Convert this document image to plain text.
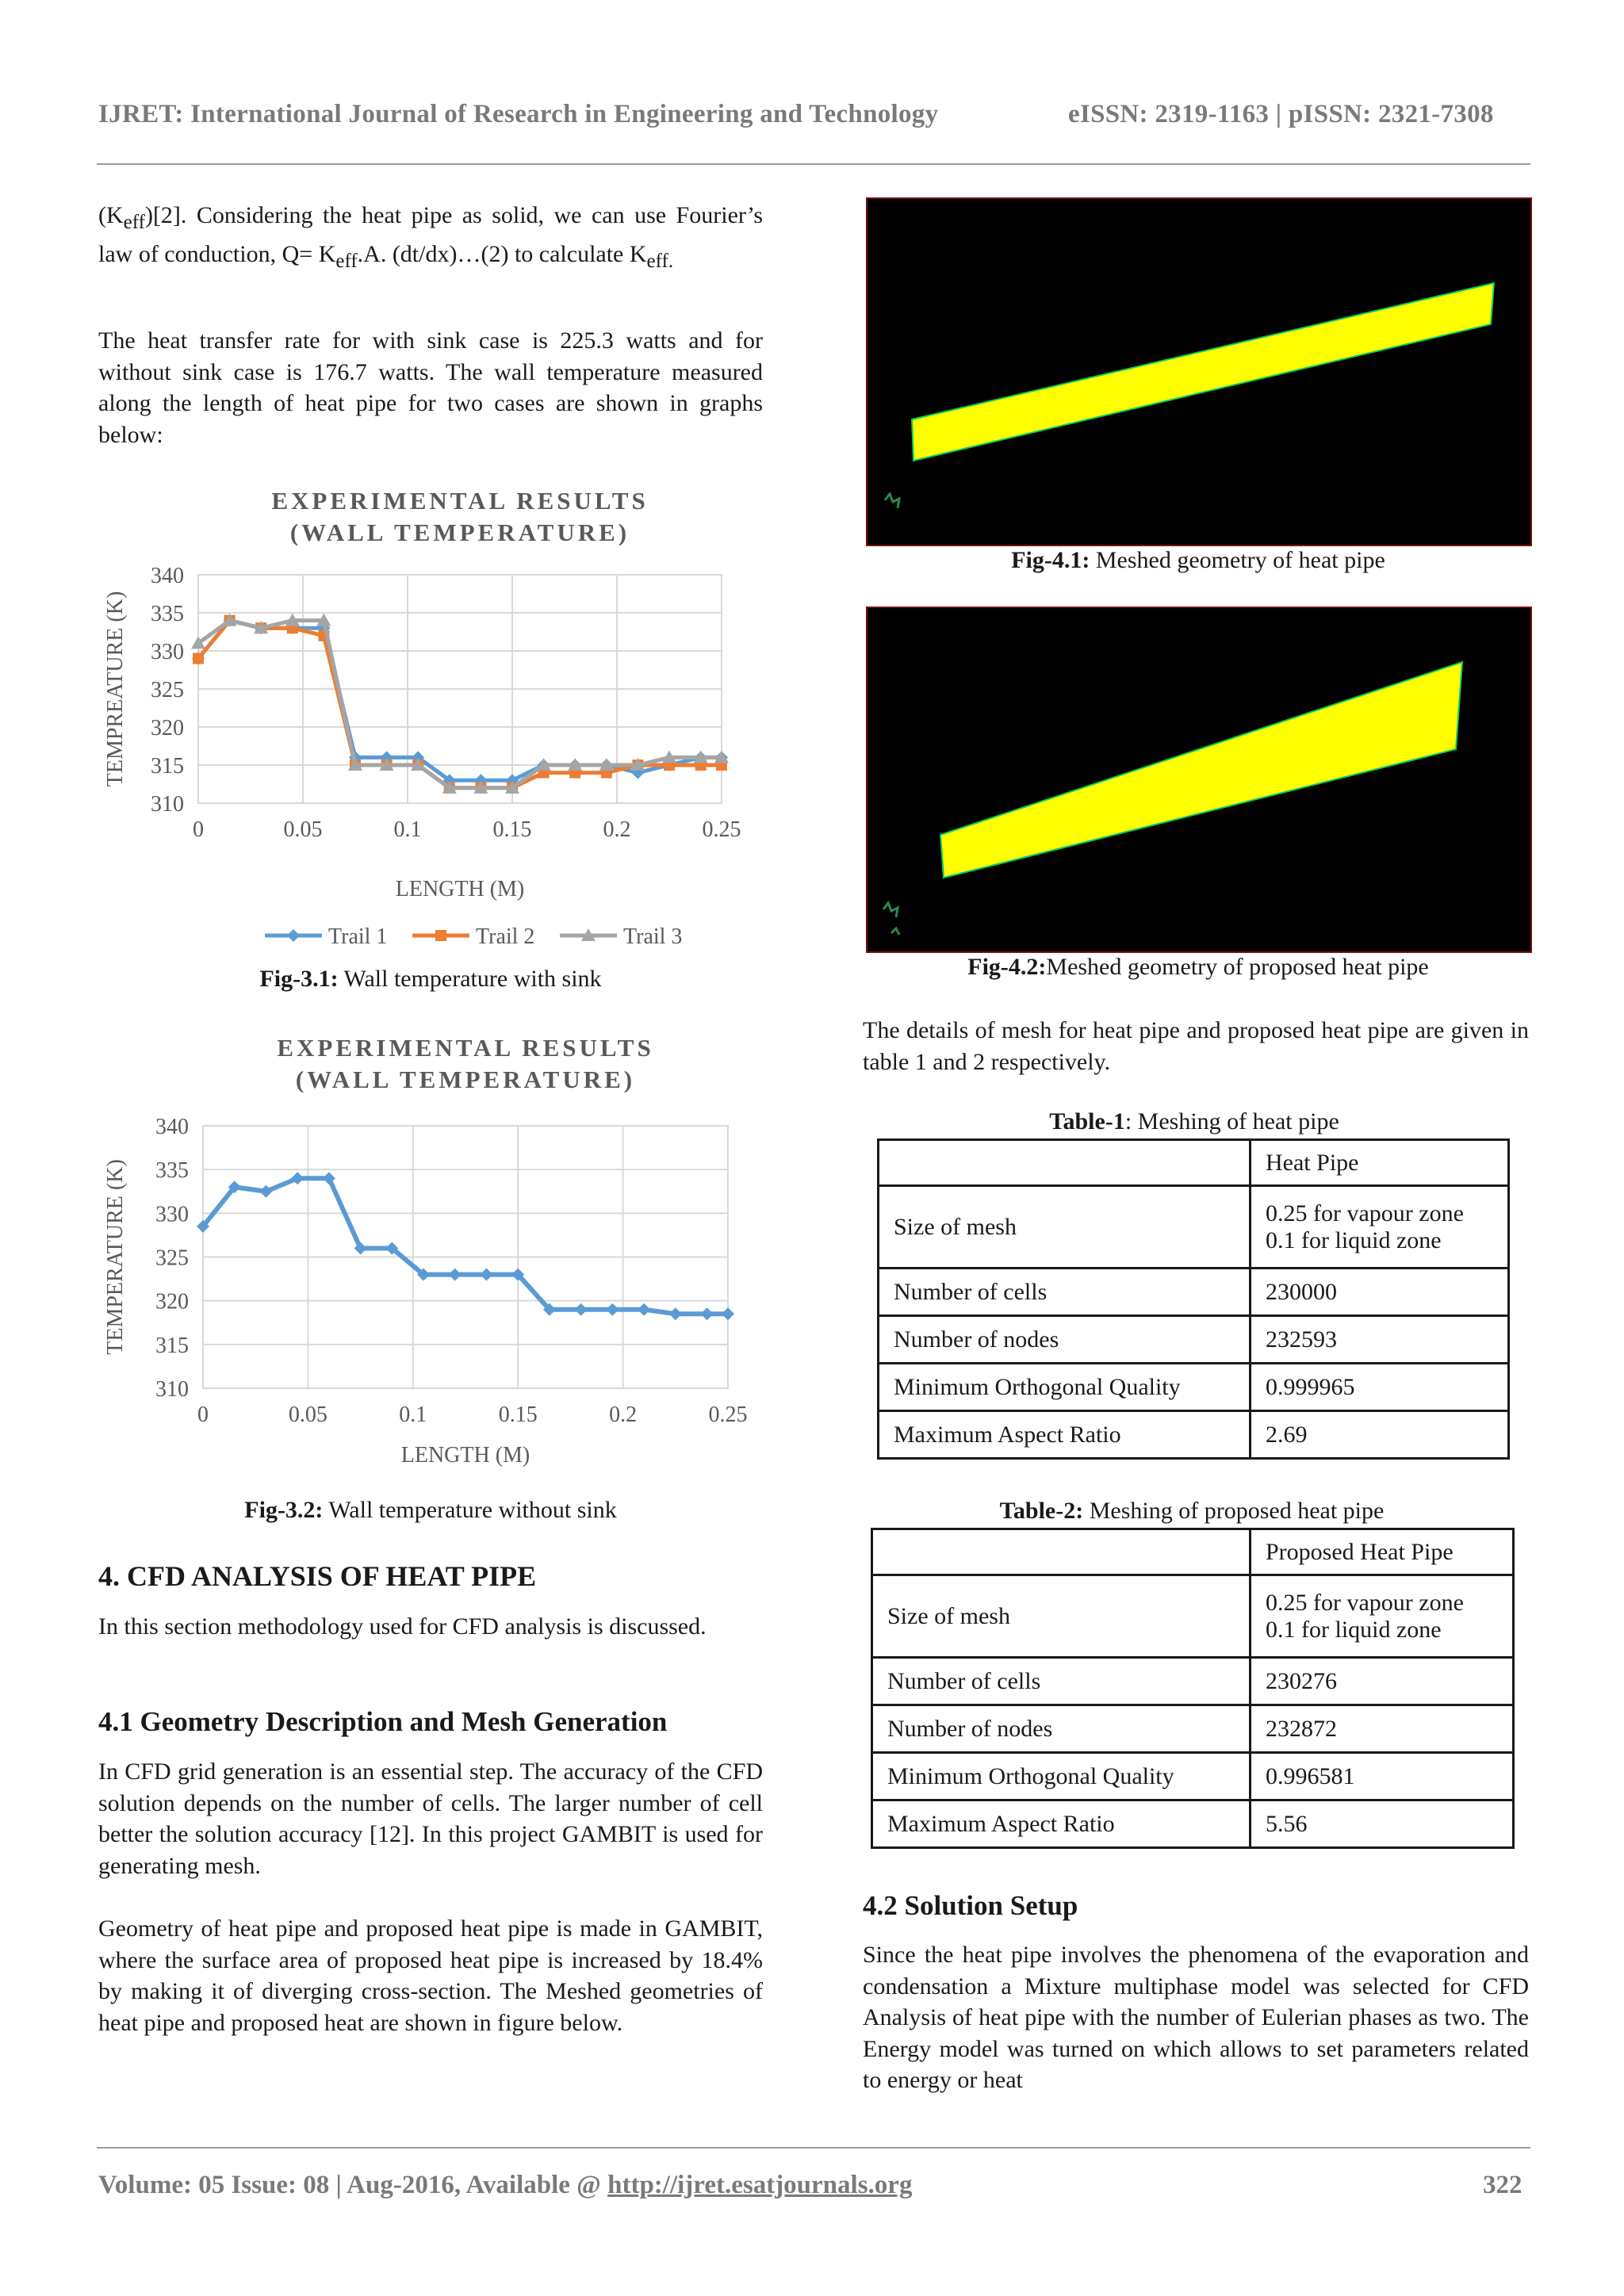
IJRET: International Journal of Research in Engineering and Technology	eISSN: 2319-1163 | pISSN: 2321-7308

$(K_{eff})[2]$. Considering the heat pipe as solid, we can use Fourier’s law of conduction, $Q= K_{eff}.A$. (dt/dx)…(2) to calculate $K_{eff.}$

The heat transfer rate for with sink case is 225.3 watts and for without sink case is 176.7 watts. The wall temperature measured along the length of heat pipe for two cases are shown in graphs below:

EXPERIMENTAL RESULTS
(WALL TEMPERATURE)
310
315
320
325
330
335
340
0	0.05	0.1	0.15	0.2	0.25
LENGTH (M)
TEMPREATURE (K)
Trail 1	Trail 2	Trail 3
Fig-3.1: Wall temperature with sink
EXPERIMENTAL RESULTS
(WALL TEMPERATURE)
310
315
320
325
330
335
340
0	0.05	0.1	0.15	0.2	0.25
LENGTH (M)
TEMPERATURE (K)
Fig-3.2: Wall temperature without sink
4. CFD ANALYSIS OF HEAT PIPE

In this section methodology used for CFD analysis is discussed.

4.1 Geometry Description and Mesh Generation

In CFD grid generation is an essential step. The accuracy of the CFD solution depends on the number of cells. The larger number of cell better the solution accuracy [12]. In this project GAMBIT is used for generating mesh.

Geometry of heat pipe and proposed heat pipe is made in GAMBIT, where the surface area of proposed heat pipe is increased by 18.4% by making it of diverging cross-section. The Meshed geometries of heat pipe and proposed heat are shown in figure below.

Fig-4.1: Meshed geometry of heat pipe
Fig-4.2:Meshed geometry of proposed heat pipe

The details of mesh for heat pipe and proposed heat pipe are given in table 1 and 2 respectively.

Table-1: Meshing of heat pipe
	Heat Pipe
Size of mesh	0.25 for vapour zone
0.1 for liquid zone

Number of cells	230000
Number of nodes	232593
Minimum Orthogonal Quality	0.999965
Maximum Aspect Ratio	2.69
Table-2: Meshing of proposed heat pipe
	Proposed Heat Pipe
Size of mesh	0.25 for vapour zone
0.1 for liquid zone

Number of cells	230276
Number of nodes	232872
Minimum Orthogonal Quality	0.996581
Maximum Aspect Ratio	5.56
4.2 Solution Setup

Since the heat pipe involves the phenomena of the evaporation and condensation a Mixture multiphase model was selected for CFD Analysis of heat pipe with the number of Eulerian phases as two. The Energy model was turned on which allows to set parameters related to energy or heat

Volume: 05 Issue: 08 | Aug-2016, Available @ http://ijret.esatjournals.org	322
